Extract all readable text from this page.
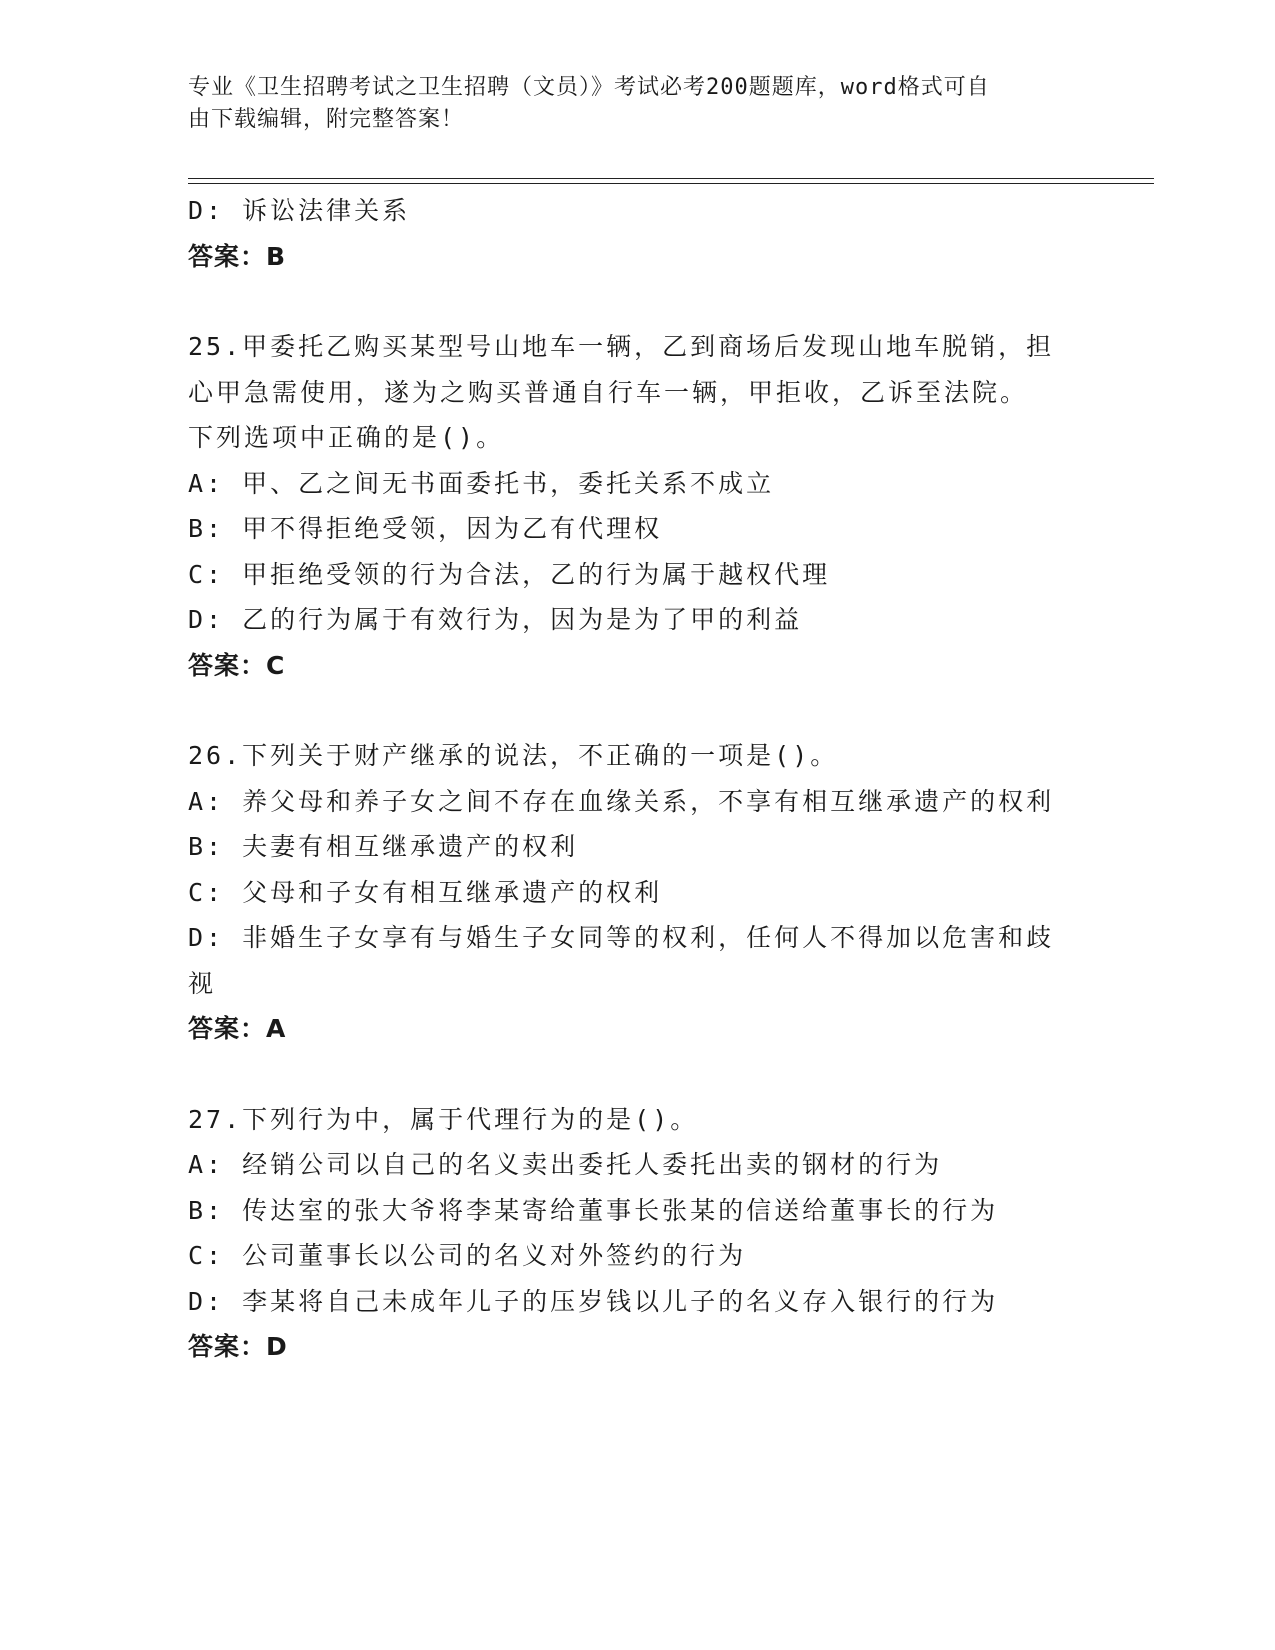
专业《卫生招聘考试之卫生招聘（文员）》考试必考200题题库，word格式可自
由下载编辑，附完整答案！
D: 诉讼法律关系
答案：B
25.甲委托乙购买某型号山地车一辆，乙到商场后发现山地车脱销，担
心甲急需使用，遂为之购买普通自行车一辆，甲拒收，乙诉至法院。
下列选项中正确的是()。
A: 甲、乙之间无书面委托书，委托关系不成立
B: 甲不得拒绝受领，因为乙有代理权
C: 甲拒绝受领的行为合法，乙的行为属于越权代理
D: 乙的行为属于有效行为，因为是为了甲的利益
答案：C
26.下列关于财产继承的说法，不正确的一项是()。
A: 养父母和养子女之间不存在血缘关系，不享有相互继承遗产的权利
B: 夫妻有相互继承遗产的权利
C: 父母和子女有相互继承遗产的权利
D: 非婚生子女享有与婚生子女同等的权利，任何人不得加以危害和歧
视
答案：A
27.下列行为中，属于代理行为的是()。
A: 经销公司以自己的名义卖出委托人委托出卖的钢材的行为
B: 传达室的张大爷将李某寄给董事长张某的信送给董事长的行为
C: 公司董事长以公司的名义对外签约的行为
D: 李某将自己未成年儿子的压岁钱以儿子的名义存入银行的行为
答案：D
